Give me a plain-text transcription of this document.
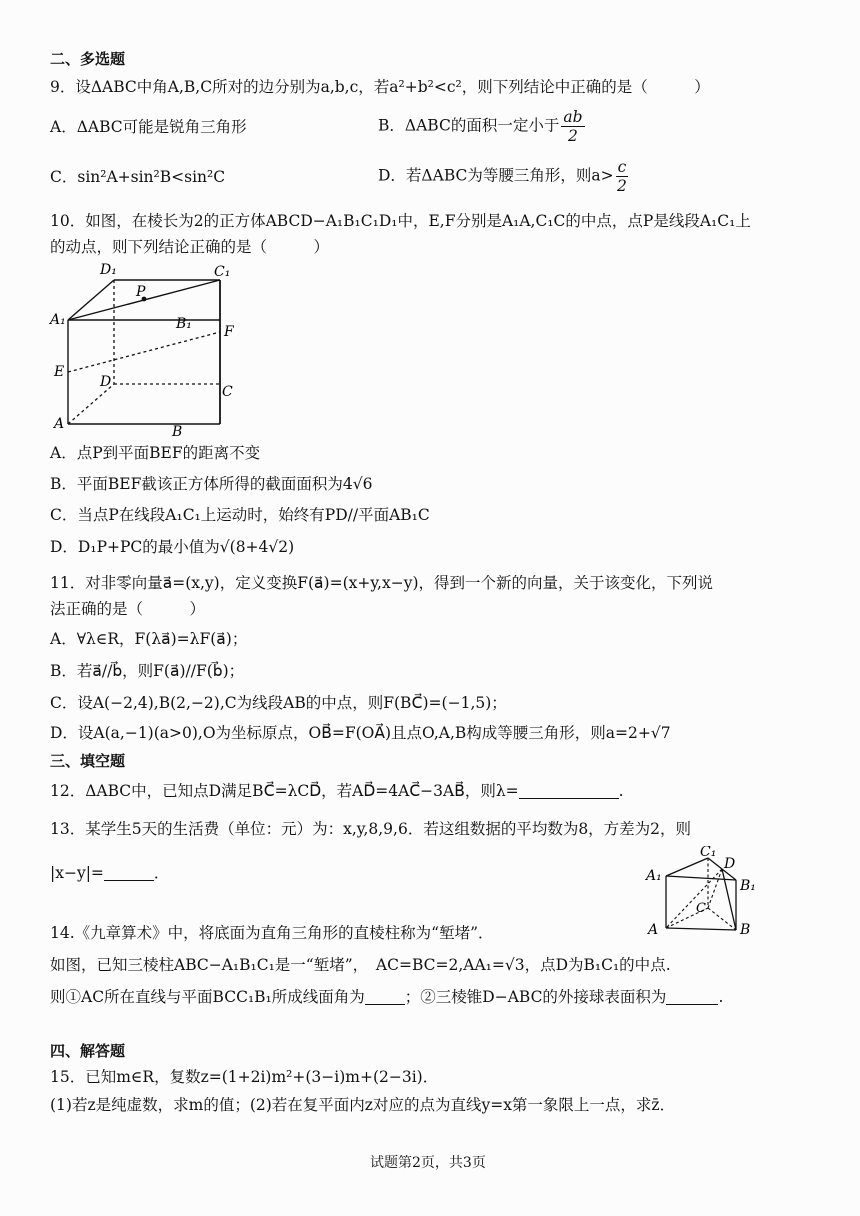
二、多选题
9．设ΔABC中角A,B,C所对的边分别为a,b,c，若a²+b²<c²，则下列结论中正确的是（　　　）
A．ΔABC可能是锐角三角形	B．ΔABC的面积一定小于 $\frac{ab}{2}$
C．sin²A+sin²B<sin²C	D．若ΔABC为等腰三角形，则$a> \frac{c}{2}$
10．如图，在棱长为2的正方体ABCD−A₁B₁C₁D₁中，E,F分别是A₁A,C₁C的中点，点P是线段A₁C₁上
的动点，则下列结论正确的是（　　　）
D₁	C₁
A₁	B₁
P
F
E
D
C
A	B
A．点P到平面BEF的距离不变
B．平面BEF截该正方体所得的截面面积为4√6
C．当点P在线段A₁C₁上运动时，始终有PD//平面AB₁C
D．D₁P+PC的最小值为√(8+4√2)
11．对非零向量a⃗=(x,y)，定义变换F(a⃗)=(x+y,x−y)，得到一个新的向量，关于该变化，下列说
法正确的是（　　　）
A．∀λ∈R，F(λa⃗)=λF(a⃗)；
B．若a⃗//b⃗，则F(a⃗)//F(b⃗)；
C．设A(−2,4),B(2,−2),C为线段AB的中点，则F(BC⃗)=(−1,5)；
D．设A(a,−1)(a>0),O为坐标原点，OB⃗=F(OA⃗)且点O,A,B构成等腰三角形，则a=2+√7
三、填空题
12．ΔABC中，已知点D满足BC⃗=λCD⃗，若AD⃗=4AC⃗−3AB⃗，则λ=	.
13．某学生5天的生活费（单位：元）为：x,y,8,9,6．若这组数据的平均数为8，方差为2，则
|x−y|=	．	A₁
C₁
D
B₁
C
A	B
14.《九章算术》中，将底面为直角三角形的直棱柱称为“堑堵”．
如图，已知三棱柱ABC−A₁B₁C₁是一“堑堵”，　AC=BC=2,AA₁=√3，点D为B₁C₁的中点.
则①AC所在直线与平面BCC₁B₁所成线面角为	；②三棱锥D−ABC的外接球表面积为	.
四、解答题
15．已知m∈R，复数z=(1+2i)m²+(3−i)m+(2−3i)．
(1)若z是纯虚数，求m的值；(2)若在复平面内z对应的点为直线y=x第一象限上一点，求z̄．
试题第2页，共3页
